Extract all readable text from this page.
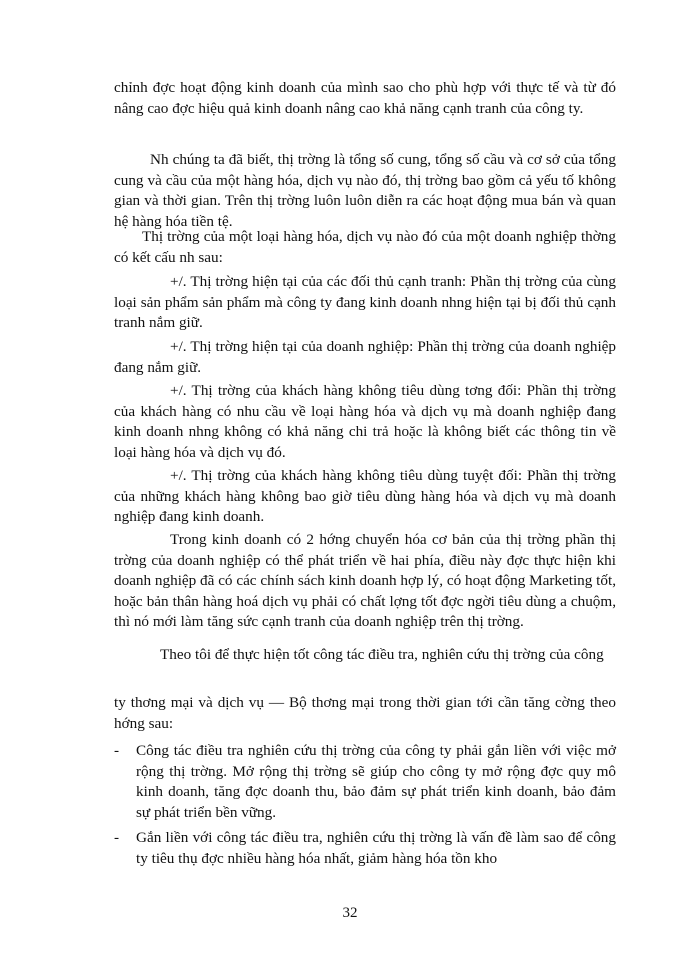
chỉnh đợc hoạt động kinh doanh của mình sao cho phù hợp với thực tế và từ đó nâng cao đợc hiệu quả kinh doanh nâng cao khả năng cạnh tranh của công ty.

Nh chúng ta đã biết, thị trờng là tổng số cung, tổng số cầu và cơ sở của tổng cung và cầu của một hàng hóa, dịch vụ nào đó, thị trờng bao gồm cả yếu tố không gian và thời gian. Trên thị trờng luôn luôn diễn ra các hoạt động mua bán và quan hệ hàng hóa tiền tệ.

Thị trờng của một loại hàng hóa, dịch vụ nào đó của một doanh nghiệp thờng có kết cấu nh sau:

+/. Thị trờng hiện tại của các đối thủ cạnh tranh: Phần thị trờng của cùng loại sản phẩm sản phẩm mà công ty đang kinh doanh nhng hiện tại bị đối thủ cạnh tranh nắm giữ.

+/. Thị trờng hiện tại của doanh nghiệp: Phần thị trờng của doanh nghiệp đang nắm giữ.

+/. Thị trờng của khách hàng không tiêu dùng tơng đối: Phần thị trờng của khách hàng có nhu cầu về loại hàng hóa và dịch vụ mà doanh nghiệp đang kinh doanh nhng không có khả năng chi trả hoặc là không biết các thông tin về loại hàng hóa và dịch vụ đó.

+/. Thị trờng của khách hàng không tiêu dùng tuyệt đối: Phần thị trờng của những khách hàng không bao giờ tiêu dùng hàng hóa và dịch vụ mà doanh nghiệp đang kinh doanh.

Trong kinh doanh có 2 hớng chuyển hóa cơ bản của thị trờng phần thị trờng của doanh nghiệp có thể phát triển về hai phía, điều này đợc thực hiện khi doanh nghiệp đã có các chính sách kinh doanh hợp lý, có hoạt động Marketing tốt, hoặc bản thân hàng hoá dịch vụ phải có chất lợng tốt đợc ngời tiêu dùng a chuộm, thì nó mới làm tăng sức cạnh tranh của doanh nghiệp trên thị trờng.

Theo tôi để thực hiện tốt công tác điều tra, nghiên cứu thị trờng của công

ty thơng mại và dịch vụ — Bộ thơng mại trong thời gian tới cần tăng cờng theo hớng sau:

-	Công tác điều tra nghiên cứu thị trờng của công ty phải gắn liền với việc mở rộng thị trờng. Mở rộng thị trờng sẽ giúp cho công ty mở rộng đợc quy mô kinh doanh, tăng đợc doanh thu, bảo đảm sự phát triển kinh doanh, bảo đảm sự phát triển bền vững.
-	Gắn liền với công tác điều tra, nghiên cứu thị trờng là vấn đề làm sao để công ty tiêu thụ đợc nhiều hàng hóa nhất, giảm hàng hóa tồn kho
32
